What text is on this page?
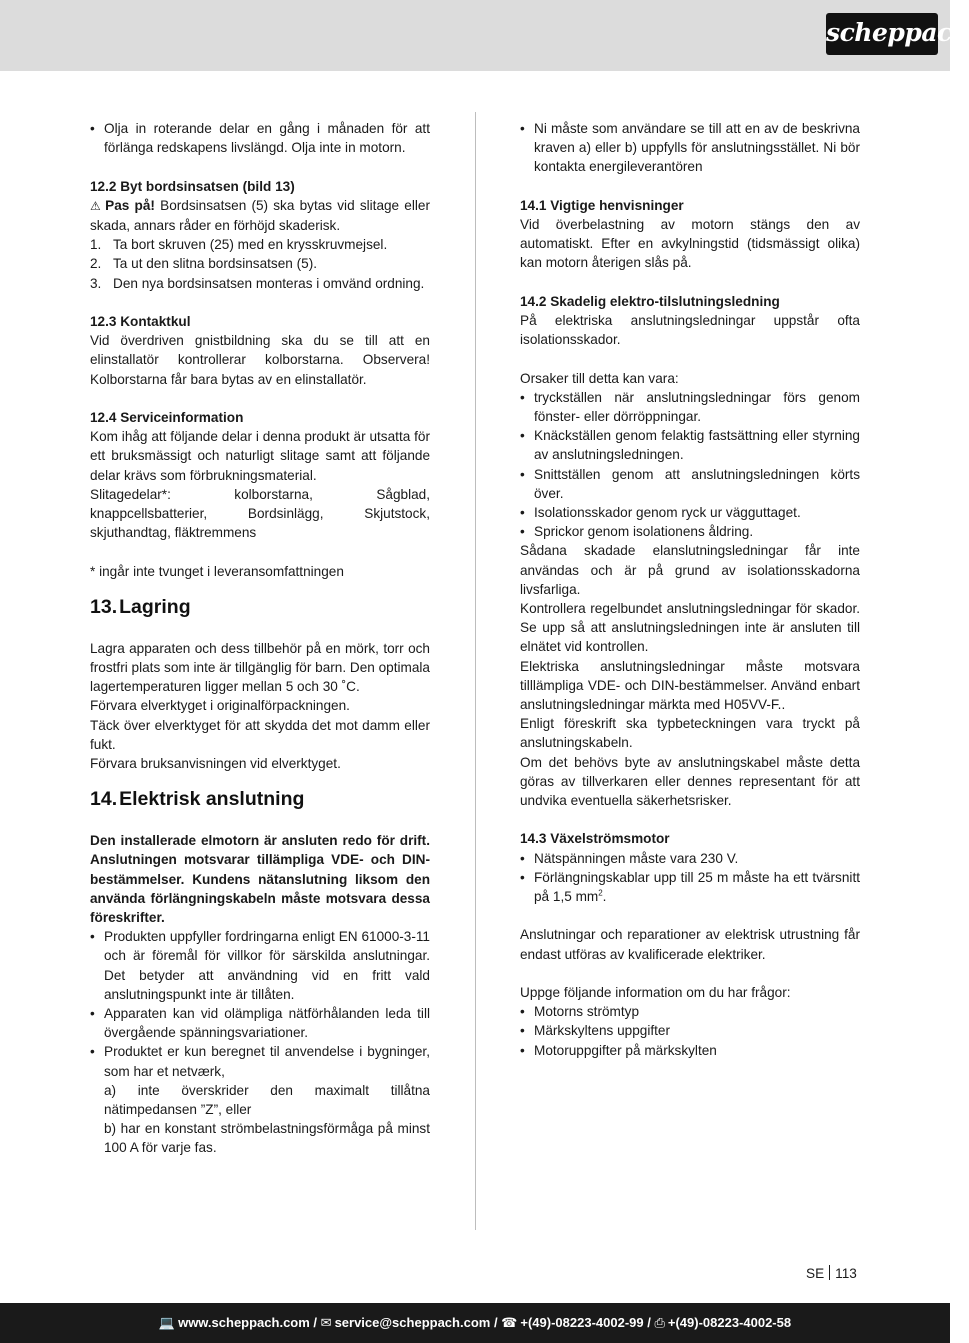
scheppach
• Olja in roterande delar en gång i månaden för att förlänga redskapens livslängd. Olja inte in motorn.

12.2 Byt bordsinsatsen (bild 13)

⚠ Pas på! Bordsinsatsen (5) ska bytas vid slitage eller skada, annars råder en förhöjd skaderisk.

1. Ta bort skruven (25) med en krysskruvmejsel.
2. Ta ut den slitna bordsinsatsen (5).
3. Den nya bordsinsatsen monteras i omvänd ordning.

12.3 Kontaktkul

Vid överdriven gnistbildning ska du se till att en elinstallatör kontrollerar kolborstarna. Observera! Kolborstarna får bara bytas av en elinstallatör.

12.4 Serviceinformation

Kom ihåg att följande delar i denna produkt är utsatta för ett bruksmässigt och naturligt slitage samt att följande delar krävs som förbrukningsmaterial.

Slitagedelar*: kolborstarna, Sågblad, knappcellsbatterier, Bordsinlägg, Skjutstock, skjuthandtag, fläktremmens

* ingår inte tvunget i leveransomfattningen

13. Lagring

Lagra apparaten och dess tillbehör på en mörk, torr och frostfri plats som inte är tillgänglig för barn. Den optimala lagertemperaturen ligger mellan 5 och 30 ˚C.

Förvara elverktyget i originalförpackningen.

Täck över elverktyget för att skydda det mot damm eller fukt.

Förvara bruksanvisningen vid elverktyget.

14. Elektrisk anslutning

Den installerade elmotorn är ansluten redo för drift. Anslutningen motsvarar tillämpliga VDE- och DIN-bestämmelser. Kundens nätanslutning liksom den använda förlängningskabeln måste motsvara dessa föreskrifter.

• Produkten uppfyller fordringarna enligt EN 61000-3-11 och är föremål för villkor för särskilda anslutningar. Det betyder att användning vid en fritt vald anslutningspunkt inte är tillåten.
• Apparaten kan vid olämpliga nätförhålanden leda till övergående spänningsvariationer.
• Produktet er kun beregnet til anvendelse i bygninger, som har et netværk,
a) inte överskrider den maximalt tillåtna nätimpedansen ”Z”, eller
b) har en konstant strömbelastningsförmåga på minst 100 A för varje fas.
• Ni måste som användare se till att en av de beskrivna kraven a) eller b) uppfylls för anslutningsstället. Ni bör kontakta energileverantören

14.1 Vigtige henvisninger

Vid överbelastning av motorn stängs den av automatiskt. Efter en avkylningstid (tidsmässigt olika) kan motorn återigen slås på.

14.2 Skadelig elektro-tilslutningsledning

På elektriska anslutningsledningar uppstår ofta isolationsskador.

Orsaker till detta kan vara:

• tryckställen när anslutningsledningar förs genom fönster- eller dörröppningar.
• Knäckställen genom felaktig fastsättning eller styrning av anslutningsledningen.
• Snittställen genom att anslutningsledningen körts över.
• Isolationsskador genom ryck ur vägguttaget.
• Sprickor genom isolationens åldring.

Sådana skadade elanslutningsledningar får inte användas och är på grund av isolationsskadorna livsfarliga.

Kontrollera regelbundet anslutningsledningar för skador. Se upp så att anslutningsledningen inte är ansluten till elnätet vid kontrollen.

Elektriska anslutningsledningar måste motsvara tilllämpliga VDE- och DIN-bestämmelser. Använd enbart anslutningsledningar märkta med H05VV-F..

Enligt föreskrift ska typbeteckningen vara tryckt på anslutningskabeln.

Om det behövs byte av anslutningskabel måste detta göras av tillverkaren eller dennes representant för att undvika eventuella säkerhetsrisker.

14.3 Växelströmsmotor

• Nätspänningen måste vara 230 V.
• Förlängningskablar upp till 25 m måste ha ett tvärsnitt på 1,5 $mm^2$.

Anslutningar och reparationer av elektrisk utrustning får endast utföras av kvalificerade elektriker.

Uppge följande information om du har frågor:

• Motorns strömtyp
• Märkskyltens uppgifter
• Motoruppgifter på märkskylten
SE 113
💻 www.scheppach.com / ✉ service@scheppach.com / ☎ +(49)-08223-4002-99 / ⎙ +(49)-08223-4002-58
